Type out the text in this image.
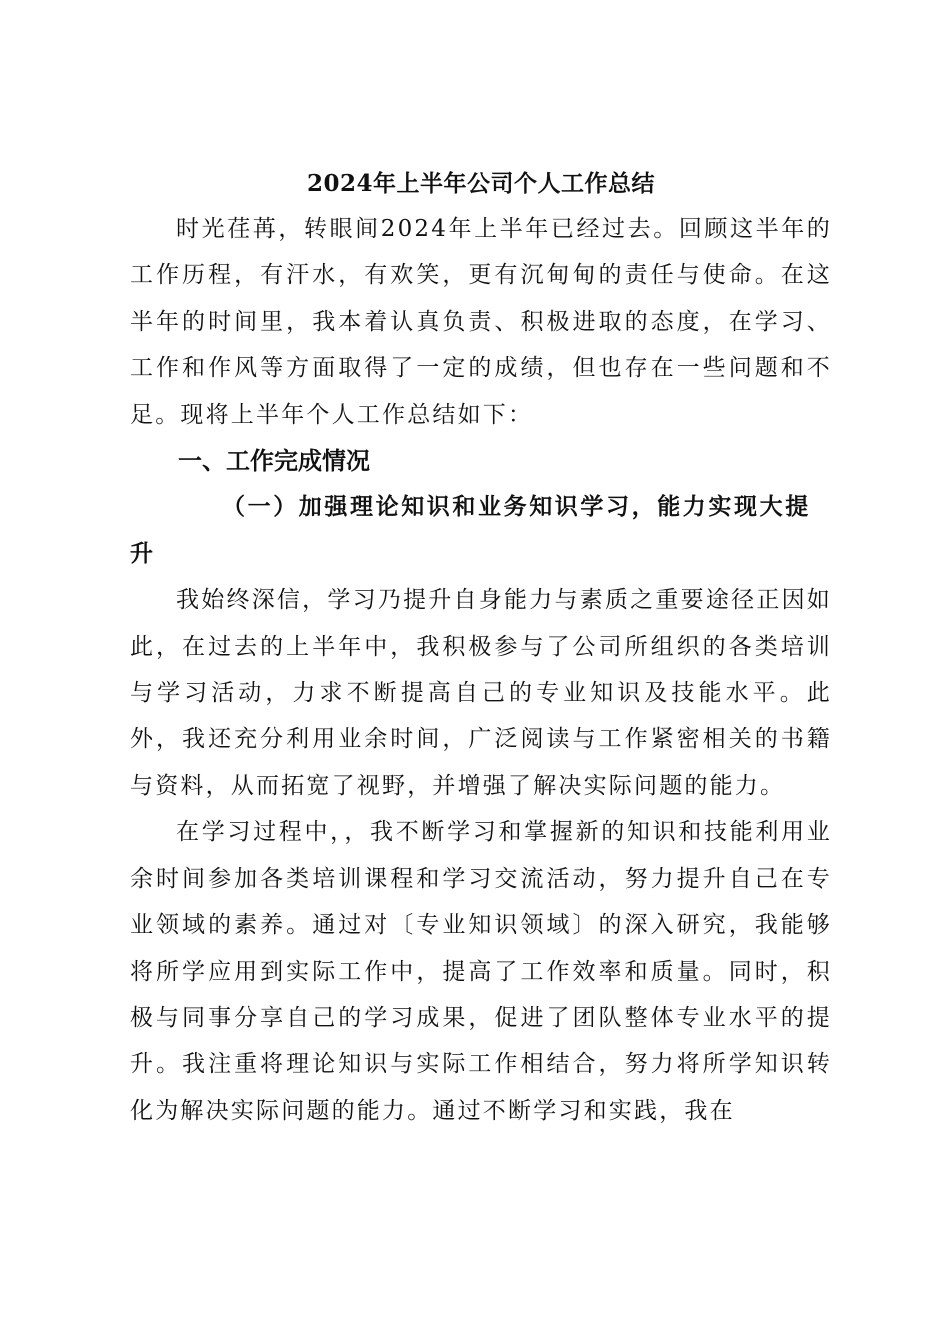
2024年上半年公司个人工作总结

时光荏苒，转眼间2024年上半年已经过去。回顾这半年的工作历程，有汗水，有欢笑，更有沉甸甸的责任与使命。在这半年的时间里，我本着认真负责、积极进取的态度，在学习、工作和作风等方面取得了一定的成绩，但也存在一些问题和不足。现将上半年个人工作总结如下：

一、工作完成情况

（一）加强理论知识和业务知识学习，能力实现大提升

我始终深信，学习乃提升自身能力与素质之重要途径正因如此，在过去的上半年中，我积极参与了公司所组织的各类培训与学习活动，力求不断提高自己的专业知识及技能水平。此外，我还充分利用业余时间，广泛阅读与工作紧密相关的书籍与资料，从而拓宽了视野，并增强了解决实际问题的能力。

在学习过程中，，我不断学习和掌握新的知识和技能利用业余时间参加各类培训课程和学习交流活动，努力提升自己在专业领域的素养。通过对〔专业知识领域〕的深入研究，我能够将所学应用到实际工作中，提高了工作效率和质量。同时，积极与同事分享自己的学习成果，促进了团队整体专业水平的提升。我注重将理论知识与实际工作相结合，努力将所学知识转化为解决实际问题的能力。通过不断学习和实践，我在
